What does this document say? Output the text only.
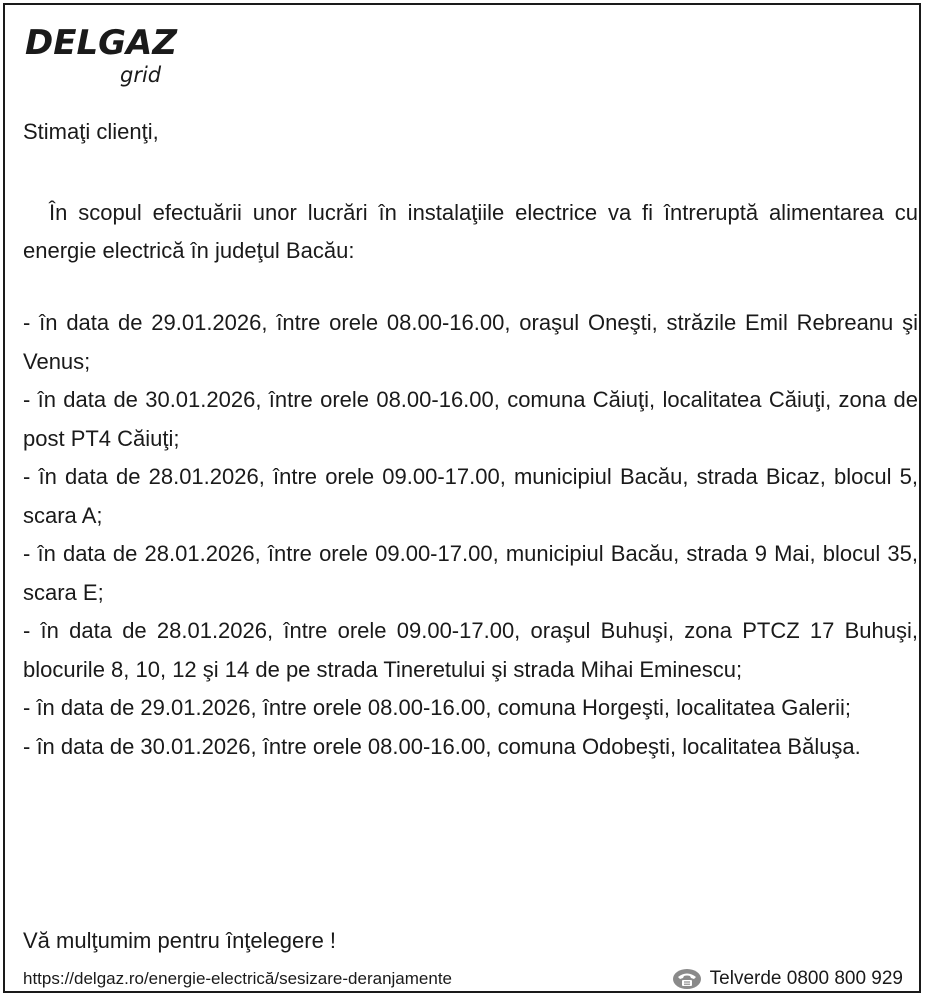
DELGAZ
grid
Stimaţi clienţi,

În scopul efectuării unor lucrări în instalaţiile electrice va fi întreruptă alimentarea cu energie electrică în judeţul Bacău:

- în data de 29.01.2026, între orele 08.00-16.00, oraşul Oneşti, străzile Emil Rebreanu şi Venus;
- în data de 30.01.2026, între orele 08.00-16.00, comuna Căiuţi, localitatea Căiuţi, zona de post PT4 Căiuţi;
- în data de 28.01.2026, între orele 09.00-17.00, municipiul Bacău, strada Bicaz, blocul 5, scara A;
- în data de 28.01.2026, între orele 09.00-17.00, municipiul Bacău, strada 9 Mai, blocul 35, scara E;
- în data de 28.01.2026, între orele 09.00-17.00, oraşul Buhuşi, zona PTCZ 17 Buhuşi, blocurile 8, 10, 12 şi 14 de pe strada Tineretului şi strada Mihai Eminescu;
- în data de 29.01.2026, între orele 08.00-16.00, comuna Horgeşti, localitatea Galerii;
- în data de 30.01.2026, între orele 08.00-16.00, comuna Odobeşti, localitatea Băluşa.
Vă mulţumim pentru înţelegere !
https://delgaz.ro/energie-electrică/sesizare-deranjamente	Telverde 0800 800 929
